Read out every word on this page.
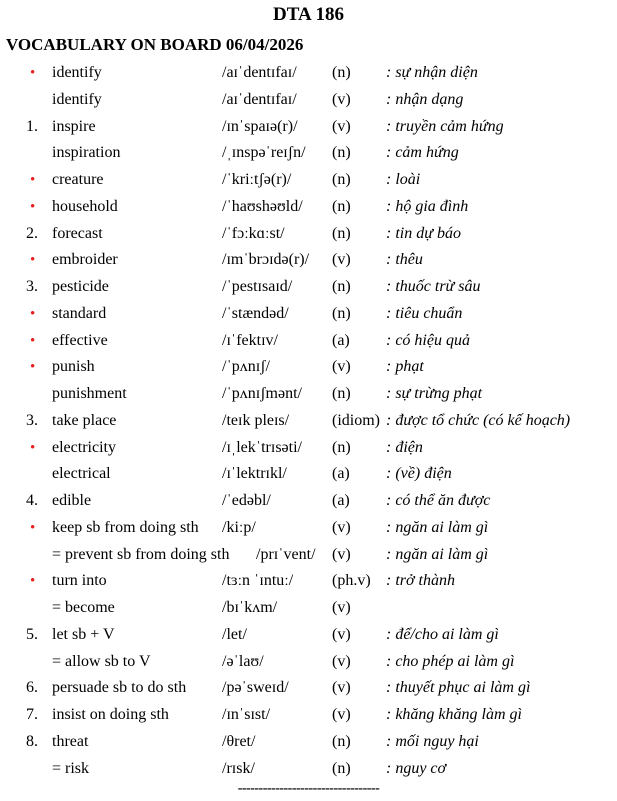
DTA 186
VOCABULARY ON BOARD 06/04/2026
•	identify	/aɪˈdentɪfaɪ/ (n) : sự nhận diện
identify	/aɪˈdentɪfaɪ/ (v) : nhận dạng
1. inspire	/ɪnˈspaɪə(r)/ (v) : truyền cảm hứng
inspiration	/ˌɪnspəˈreɪʃn/ (n) : cảm hứng
•	creature	/ˈkriːtʃə(r)/	(n) : loài
•	household	/ˈhaʊshəʊld/ (n) : hộ gia đình
2. forecast	/ˈfɔːkɑːst/	(n) : tin dự báo
•	embroider	/ɪmˈbrɔɪdə(r)/ (v) : thêu
3. pesticide	/ˈpestɪsaɪd/ (n) : thuốc trừ sâu
•	standard	/ˈstændəd/	(n) : tiêu chuẩn
•	effective	/ɪˈfektɪv/	(a) : có hiệu quả
•	punish	/ˈpʌnɪʃ/	(v) : phạt
punishment	/ˈpʌnɪʃmənt/ (n) : sự trừng phạt
3. take place	/teɪk pleɪs/	(idiom) : được tổ chức (có kế hoạch)
•	electricity	/ɪˌlekˈtrɪsəti/ (n) : điện
electrical	/ɪˈlektrɪkl/	(a) : (về) điện
4. edible	/ˈedəbl/	(a) : có thể ăn được
•	keep sb from doing sth /kiːp/	(v) : ngăn ai làm gì
= prevent sb from doing sth /prɪˈvent/ (v) : ngăn ai làm gì
•	turn into	/tɜːn ˈɪntuː/ (ph.v) : trở thành
= become	/bɪˈkʌm/	(v)
5. let sb + V	/let/	(v) : để/cho ai làm gì
= allow sb to V	/əˈlaʊ/	(v) : cho phép ai làm gì
6. persuade sb to do sth /pəˈsweɪd/	(v) : thuyết phục ai làm gì
7. insist on doing sth	/ɪnˈsɪst/	(v) : khăng khăng làm gì
8. threat	/θret/	(n) : mối nguy hại
= risk	/rɪsk/	(n) : nguy cơ
----------------------------------
